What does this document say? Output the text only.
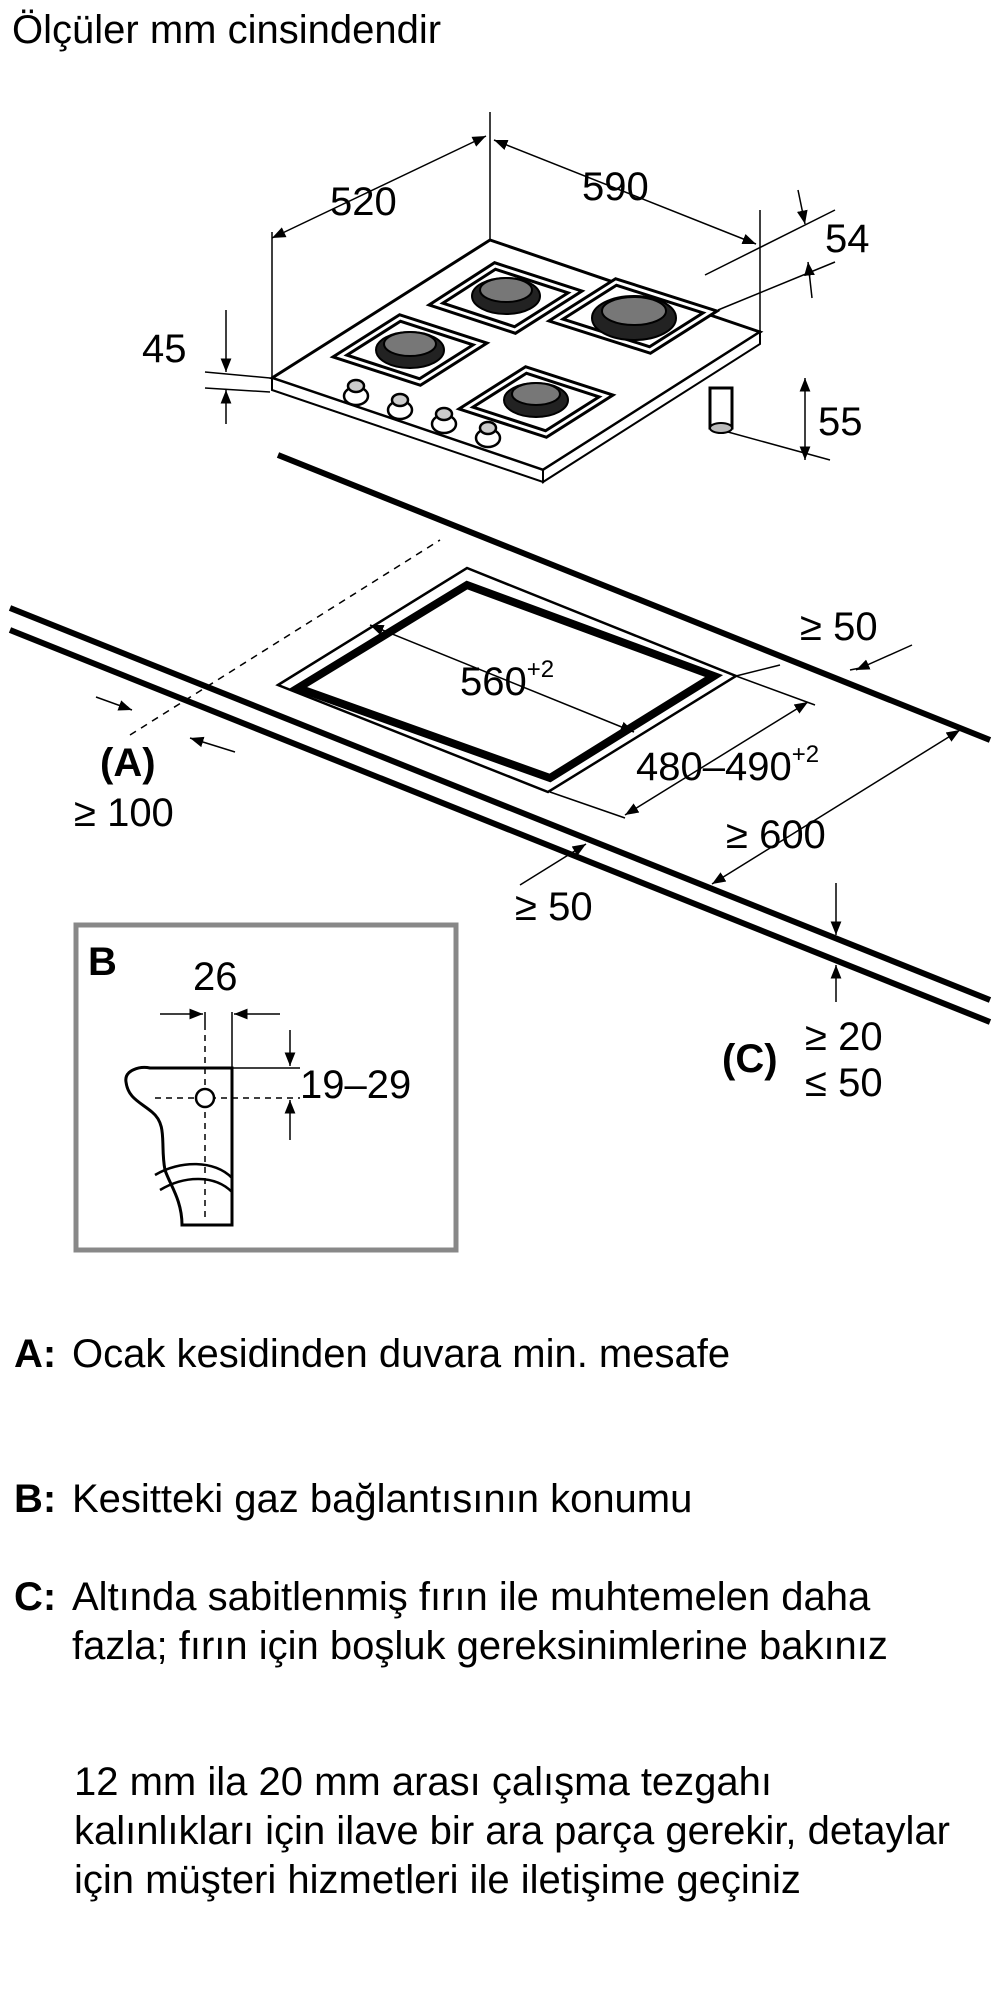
Ölçüler mm cinsindendir
520	590
54
45
55
$560^{+2}$
$480-490^{+2}$
≥ 50
≥ 600
≥ 50
(A)
≥ 100
(C) ≥ 20
≤ 50
B 26
19–29
A: Ocak kesidinden duvara min. mesafe
B: Kesitteki gaz bağlantısının konumu
C: Altında sabitlenmiş fırın ile muhtemelen daha fazla; fırın için boşluk gereksinimlerine bakınız
12 mm ila 20 mm arası çalışma tezgahı kalınlıkları için ilave bir ara parça gerekir, detaylar için müşteri hizmetleri ile iletişime geçiniz
